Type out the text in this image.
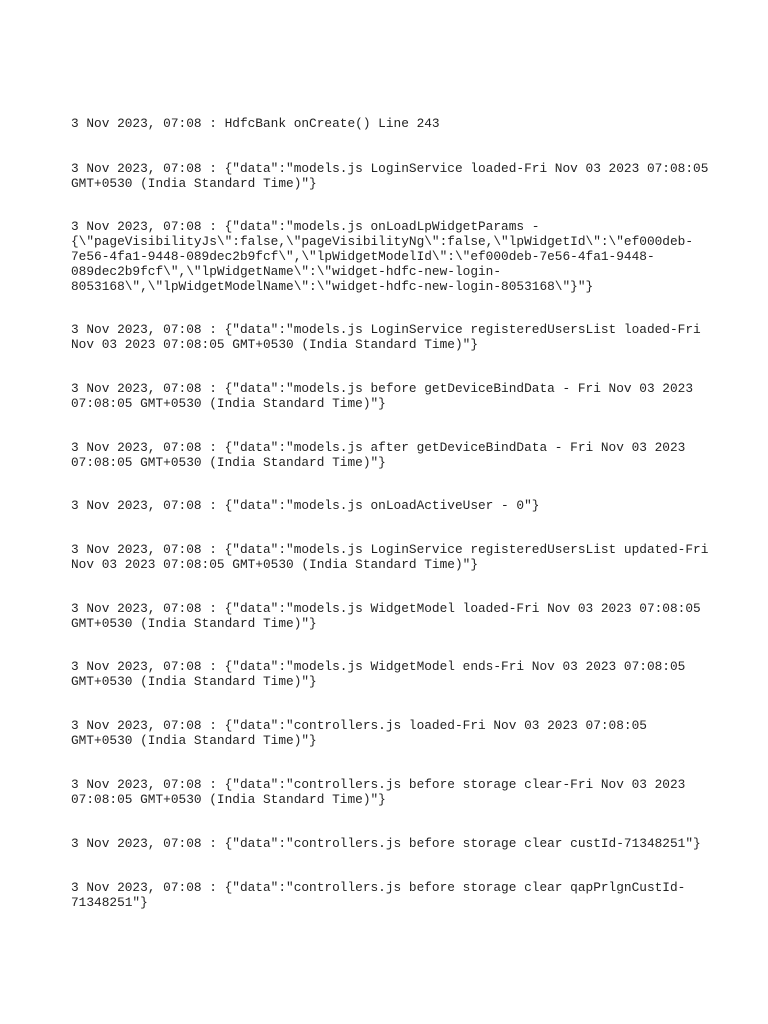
3 Nov 2023, 07:08 : HdfcBank onCreate() Line 243

3 Nov 2023, 07:08 : {"data":"models.js LoginService loaded-Fri Nov 03 2023 07:08:05
GMT+0530 (India Standard Time)"}

3 Nov 2023, 07:08 : {"data":"models.js onLoadLpWidgetParams -
{\"pageVisibilityJs\":false,\"pageVisibilityNg\":false,\"lpWidgetId\":\"ef000deb-
7e56-4fa1-9448-089dec2b9fcf\",\"lpWidgetModelId\":\"ef000deb-7e56-4fa1-9448-
089dec2b9fcf\",\"lpWidgetName\":\"widget-hdfc-new-login-
8053168\",\"lpWidgetModelName\":\"widget-hdfc-new-login-8053168\"}"}

3 Nov 2023, 07:08 : {"data":"models.js LoginService registeredUsersList loaded-Fri
Nov 03 2023 07:08:05 GMT+0530 (India Standard Time)"}

3 Nov 2023, 07:08 : {"data":"models.js before getDeviceBindData - Fri Nov 03 2023
07:08:05 GMT+0530 (India Standard Time)"}

3 Nov 2023, 07:08 : {"data":"models.js after getDeviceBindData - Fri Nov 03 2023
07:08:05 GMT+0530 (India Standard Time)"}

3 Nov 2023, 07:08 : {"data":"models.js onLoadActiveUser - 0"}

3 Nov 2023, 07:08 : {"data":"models.js LoginService registeredUsersList updated-Fri
Nov 03 2023 07:08:05 GMT+0530 (India Standard Time)"}

3 Nov 2023, 07:08 : {"data":"models.js WidgetModel loaded-Fri Nov 03 2023 07:08:05
GMT+0530 (India Standard Time)"}

3 Nov 2023, 07:08 : {"data":"models.js WidgetModel ends-Fri Nov 03 2023 07:08:05
GMT+0530 (India Standard Time)"}

3 Nov 2023, 07:08 : {"data":"controllers.js loaded-Fri Nov 03 2023 07:08:05
GMT+0530 (India Standard Time)"}

3 Nov 2023, 07:08 : {"data":"controllers.js before storage clear-Fri Nov 03 2023
07:08:05 GMT+0530 (India Standard Time)"}

3 Nov 2023, 07:08 : {"data":"controllers.js before storage clear custId-71348251"}

3 Nov 2023, 07:08 : {"data":"controllers.js before storage clear qapPrlgnCustId-
71348251"}
